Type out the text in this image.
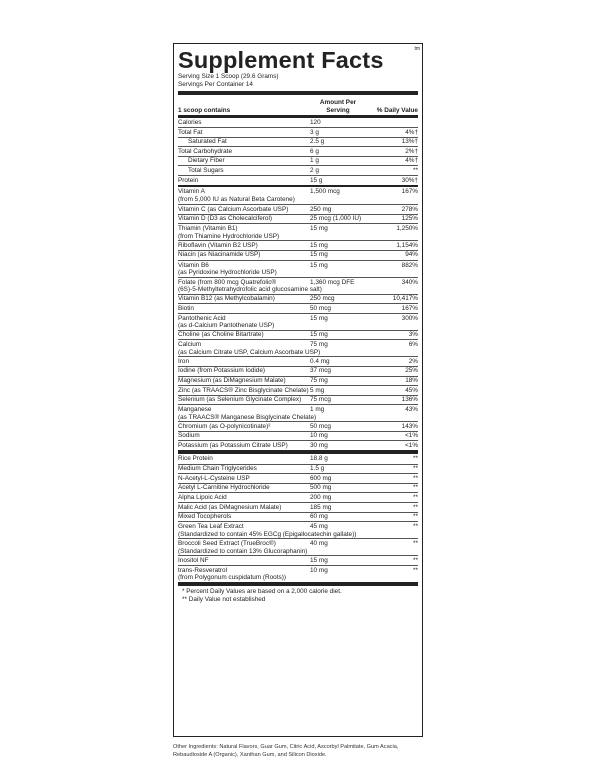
tm
Supplement Facts
Serving Size 1 Scoop (29.6 Grams)
Servings Per Container 14
1 scoop contains
Amount Per Serving	% Daily Value
Calories	120
Total Fat	3 g	4%†
Saturated Fat	2.5 g	13%†
Total Carbohydrate	6 g	2%†
Dietary Fiber	1 g	4%†
Total Sugars	2 g	**
Protein	15 g	30%†
Vitamin A
(from 5,000 IU as Natural Beta Carotene)
1,500 mcg	167%
Vitamin C (as Calcium Ascorbate USP)	250 mg	278%
Vitamin D (D3 as Cholecalciferol)	25 mcg (1,000 IU)	125%
Thiamin (Vitamin B1)
(from Thiamine Hydrochloride USP)
15 mg	1,250%
Riboflavin (Vitamin B2 USP)	15 mg	1,154%
Niacin (as Niacinamide USP)	15 mg	94%
Vitamin B6
(as Pyridoxine Hydrochloride USP)
15 mg	882%
Folate (from 800 mcg Quatrefolic®
(6S)-5-Methyltetrahydrofolic acid glucosamine salt)
1,360 mcg DFE	340%
Vitamin B12 (as Methylcobalamin)	250 mcg	10,417%
Biotin	50 mcg	167%
Pantothenic Acid
(as d-Calcium Pantothenate USP)
15 mg	300%
Choline (as Choline Bitartrate)	15 mg	3%
Calcium
(as Calcium Citrate USP, Calcium Ascorbate USP)
75 mg	6%
Iron	0.4 mg	2%
Iodine (from Potassium Iodide)	37 mcg	25%
Magnesium (as DiMagnesium Malate)	75 mg	18%
Zinc (as TRAACS® Zinc Bisglycinate Chelate) 5 mg	45%
Selenium (as Selenium Glycinate Complex)	75 mcg	136%
Manganese
(as TRAACS® Manganese Bisglycinate Chelate)
1 mg	43%
Chromium (as O-polynicotinate)²	50 mcg	143%
Sodium	10 mg	<1%
Potassium (as Potassium Citrate USP)	30 mg	<1%
Rice Protein	18.8 g	**
Medium Chain Triglycerides	1.5 g	**
N-Acetyl-L-Cysteine USP	600 mg	**
Acetyl L-Carnitine Hydrochloride	500 mg	**
Alpha Lipoic Acid	200 mg	**
Malic Acid (as DiMagnesium Malate)	185 mg	**
Mixed Tocopherols	60 mg	**
Green Tea Leaf Extract
(Standardized to contain 45% EGCg (Epigallocatechin gallate))
45 mg	**
Broccoli Seed Extract (TrueBroc®)
(Standardized to contain 13% Glucoraphanin)
40 mg	**
Inositol NF	15 mg	**
trans-Resveratrol
(from Polygonum cuspidatum (Roots))
10 mg	**
* Percent Daily Values are based on a 2,000 calorie diet.
** Daily Value not established
Other Ingredients: Natural Flavors, Guar Gum, Citric Acid, Ascorbyl Palmitate, Gum Acacia, Rebaudioside A (Organic), Xanthan Gum, and Silicon Dioxide.
